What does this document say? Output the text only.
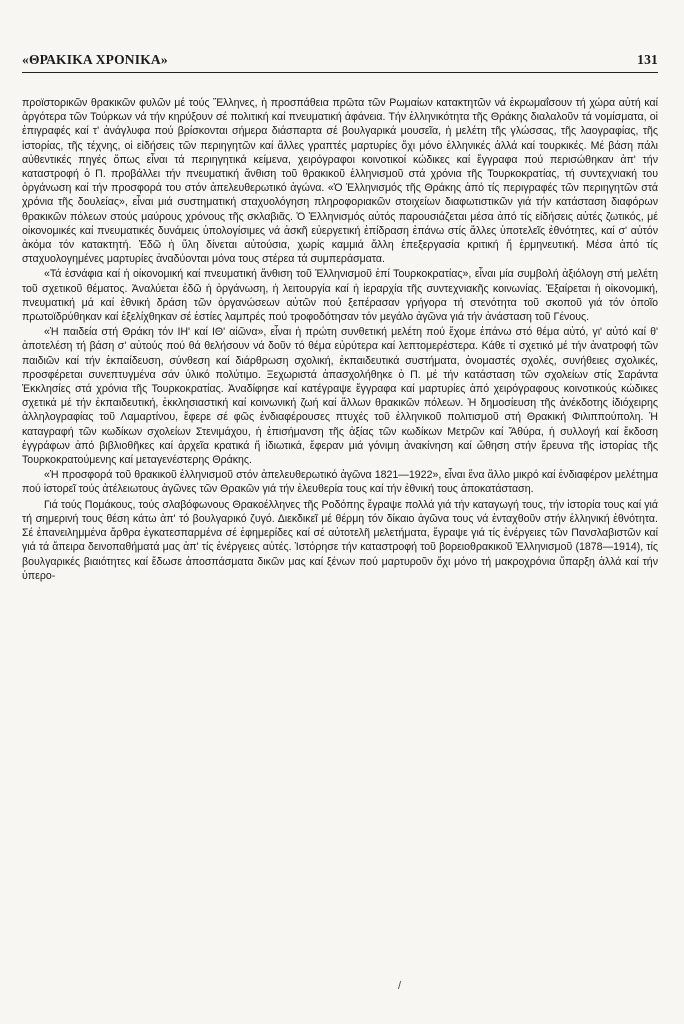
«ΘΡΑΚΙΚΑ ΧΡΟΝΙΚΑ»	131

προϊστορικῶν θρακικῶν φυλῶν μέ τούς Ἕλληνες, ἡ προσπάθεια πρῶτα τῶν Ρωμαίων κατακτητῶν νά ἐκρωμαΐσουν τή χώρα αὐτή καί ἀργότερα τῶν Τούρκων νά τήν κηρύξουν σέ πολιτική καί πνευματική ἀφάνεια. Τήν ἑλληνικότητα τῆς Θράκης διαλαλοῦν τά νομίσματα, οἱ ἐπιγραφές καί τ' ἀνάγλυφα πού βρίσκονται σήμερα διάσπαρτα σέ βουλγαρικά μουσεῖα, ἡ μελέτη τῆς γλώσσας, τῆς λαογραφίας, τῆς ἱστορίας, τῆς τέχνης, οἱ εἰδήσεις τῶν περιηγητῶν καί ἄλλες γραπτές μαρτυρίες ὄχι μόνο ἑλληνικές ἀλλά καί τουρκικές. Μέ βάση πάλι αὐθεντικές πηγές ὅπως εἶναι τά περιηγητικά κείμενα, χειρόγραφοι κοινοτικοί κώδικες καί ἔγγραφα πού περισώθηκαν ἀπ' τήν καταστροφή ὁ Π. προβάλλει τήν πνευματική ἄνθιση τοῦ θρακικοῦ ἑλληνισμοῦ στά χρόνια τῆς Τουρκοκρατίας, τή συντεχνιακή του ὀργάνωση καί τήν προσφορά του στόν ἀπελευθερωτικό ἀγώνα. «Ὁ Ἑλληνισμός τῆς Θράκης ἀπό τίς περιγραφές τῶν περιηγητῶν στά χρόνια τῆς δουλείας», εἶναι μιά συστηματική σταχυολόγηση πληροφοριακῶν στοιχείων διαφωτιστικῶν γιά τήν κατάσταση διαφόρων θρακικῶν πόλεων στούς μαύρους χρόνους τῆς σκλαβιᾶς. Ὁ Ἑλληνισμός αὐτός παρουσιάζεται μέσα ἀπό τίς εἰδήσεις αὐτές ζωτικός, μέ οἰκονομικές καί πνευματικές δυνάμεις ὑπολογίσιμες νά ἀσκῆ εὐεργετική ἐπίδραση ἐπάνω στίς ἄλλες ὑποτελεῖς ἐθνότητες, καί σ' αὐτόν ἀκόμα τόν κατακτητή. Ἐδῶ ἡ ὕλη δίνεται αὐτούσια, χωρίς καμμιά ἄλλη ἐπεξεργασία κριτική ἤ ἑρμηνευτική. Μέσα ἀπό τίς σταχυολογημένες μαρτυρίες ἀναδύονται μόνα τους στέρεα τά συμπεράσματα.

«Τά ἐσνάφια καί ἡ οἰκονομική καί πνευματική ἄνθιση τοῦ Ἑλληνισμοῦ ἐπί Τουρκοκρατίας», εἶναι μία συμβολή ἀξιόλογη στή μελέτη τοῦ σχετικοῦ θέματος. Ἀναλύεται ἐδῶ ἡ ὀργάνωση, ἡ λειτουργία καί ἡ ἱεραρχία τῆς συντεχνιακῆς κοινωνίας. Ἐξαίρεται ἡ οἰκονομική, πνευματική μά καί ἐθνική δράση τῶν ὀργανώσεων αὐτῶν πού ξεπέρασαν γρήγορα τή στενότητα τοῦ σκοποῦ γιά τόν ὁποῖο πρωτοϊδρύθηκαν καί ἐξελίχθηκαν σέ ἑστίες λαμπρές πού τροφοδότησαν τόν μεγάλο ἀγῶνα γιά τήν ἀνάσταση τοῦ Γένους.

«Ἡ παιδεία στή Θράκη τόν ΙΗ' καί ΙΘ' αἰῶνα», εἶναι ἡ πρώτη συνθετική μελέτη πού ἔχομε ἐπάνω στό θέμα αὐτό, γι' αὐτό καί θ' ἀποτελέση τή βάση σ' αὐτούς πού θά θελήσουν νά δοῦν τό θέμα εὐρύτερα καί λεπτομερέστερα. Κάθε τί σχετικό μέ τήν ἀνατροφή τῶν παιδιῶν καί τήν ἐκπαίδευση, σύνθεση καί διάρθρωση σχολική, ἐκπαιδευτικά συστήματα, ὀνομαστές σχολές, συνήθειες σχολικές, προσφέρεται συνεπτυγμένα σάν ὑλικό πολύτιμο. Ξεχωριστά ἀπασχολήθηκε ὁ Π. μέ τήν κατάσταση τῶν σχολείων στίς Σαράντα Ἐκκλησίες στά χρόνια τῆς Τουρκοκρατίας. Ἀναδίφησε καί κατέγραψε ἔγγραφα καί μαρτυρίες ἀπό χειρόγραφους κοινοτικούς κώδικες σχετικά μέ τήν ἐκπαιδευτική, ἐκκλησιαστική καί κοινωνική ζωή καί ἄλλων θρακικῶν πόλεων. Ἡ δημοσίευση τῆς ἀνέκδοτης ἰδιόχειρης ἀλληλογραφίας τοῦ Λαμαρτίνου, ἔφερε σέ φῶς ἐνδιαφέρουσες πτυχές τοῦ ἑλληνικοῦ πολιτισμοῦ στή Θρακική Φιλιππούπολη. Ἡ καταγραφή τῶν κωδίκων σχολείων Στενιμάχου, ἡ ἐπισήμανση τῆς ἀξίας τῶν κωδίκων Μετρῶν καί Ἄθύρα, ἡ συλλογή καί ἔκδοση ἐγγράφων ἀπό βιβλιοθῆκες καί ἀρχεῖα κρατικά ἤ ἰδιωτικά, ἔφεραν μιά γόνιμη ἀνακίνηση καί ὤθηση στήν ἔρευνα τῆς ἱστορίας τῆς Τουρκοκρατούμενης καί μεταγενέστερης Θράκης.

«Ἡ προσφορά τοῦ θρακικοῦ ἑλληνισμοῦ στόν ἀπελευθερωτικό ἀγῶνα 1821—1922», εἶναι ἕνα ἄλλο μικρό καί ἐνδιαφέρον μελέτημα πού ἱστορεῖ τούς ἀτέλειωτους ἀγῶνες τῶν Θρακῶν γιά τήν ἐλευθερία τους καί τήν ἐθνική τους ἀποκατάσταση.

Γιά τούς Πομάκους, τούς σλαβόφωνους Θρακοέλληνες τῆς Ροδόπης ἔγραψε πολλά γιά τήν καταγωγή τους, τήν ἱστορία τους καί γιά τή σημερινή τους θέση κάτω ἀπ' τό βουλγαρικό ζυγό. Διεκδικεῖ μέ θέρμη τόν δίκαιο ἀγῶνα τους νά ἐνταχθοῦν στήν ἑλληνική ἐθνότητα. Σέ ἐπανειλημμένα ἄρθρα ἐγκατεσπαρμένα σέ ἐφημερίδες καί σέ αὐτοτελῆ μελετήματα, ἔγραψε γιά τίς ἐνέργειες τῶν Πανσλαβιστῶν καί γιά τά ἄπειρα δεινοπαθήματά μας ἀπ' τίς ἐνέργειες αὐτές. Ἱστόρησε τήν καταστροφή τοῦ βορειοθρακικοῦ Ἑλληνισμοῦ (1878—1914), τίς βουλγαρικές βιαιότητες καί ἔδωσε ἀποσπάσματα δικῶν μας καί ξένων πού μαρτυροῦν ὄχι μόνο τή μακροχρόνια ὕπαρξη ἀλλά καί τήν ὑπερο-

/
